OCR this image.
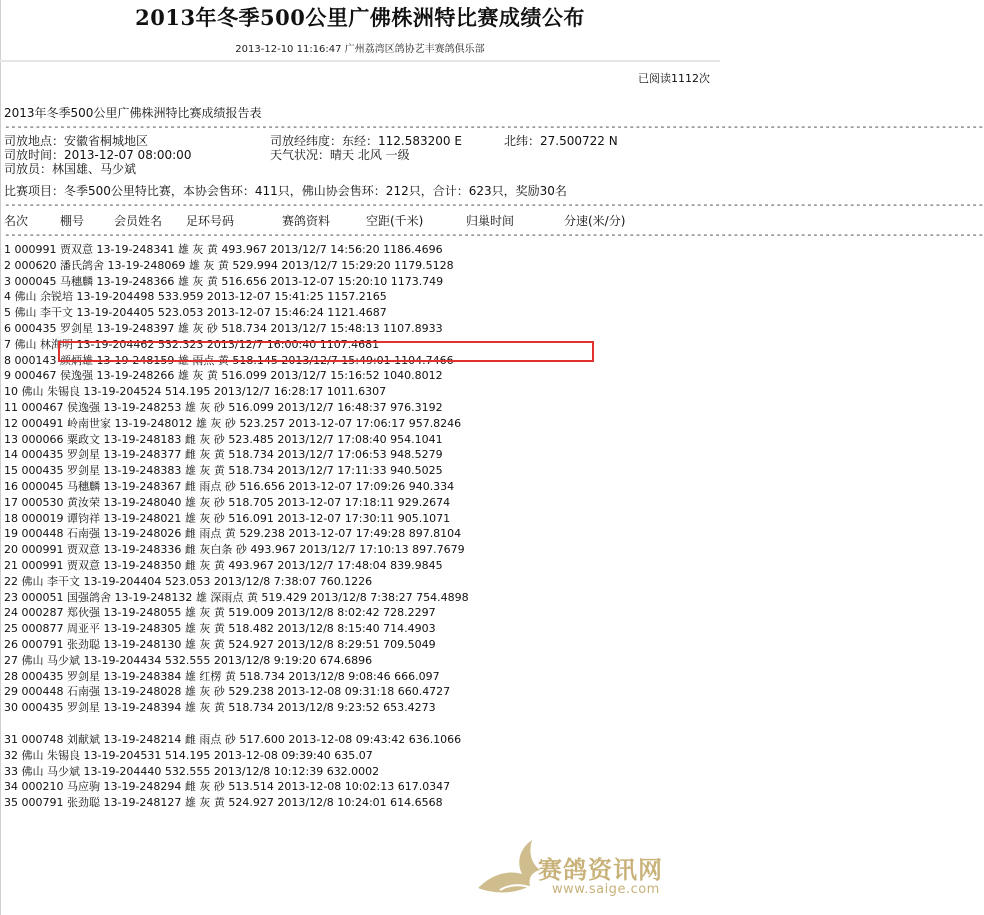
2013年冬季500公里广佛株洲特比赛成绩公布
2013-12-10 11:16:47 广州荔湾区鸽协艺丰赛鸽俱乐部
已阅读1112次
2013年冬季500公里广佛株洲特比赛成绩报告表
----------------------------------------------------------------------------------------------------------------------------------------------------------------
司放地点：安徽省桐城地区	司放经纬度：东经：112.583200 E	北纬：27.500722 N
司放时间：2013-12-07 08:00:00	天气状况：晴天 北风 一级
司放员：林国雄、马少斌
比赛项目：冬季500公里特比赛，本协会售环：411只，佛山协会售环：212只，合计：623只，奖励30名
----------------------------------------------------------------------------------------------------------------------------------------------------------------
名次	棚号 会员姓名 足环号码	赛鸽资料	空距(千米)	归巢时间	分速(米/分)
----------------------------------------------------------------------------------------------------------------------------------------------------------------
1 000991 贾双意 13-19-248341 雄 灰 黄 493.967 2013/12/7 14:56:20 1186.4696
2 000620 潘氏鸽舍 13-19-248069 雄 灰 黄 529.994 2013/12/7 15:29:20 1179.5128
3 000045 马穗麟 13-19-248366 雄 灰 黄 516.656 2013-12-07 15:20:10 1173.749
4 佛山 余锐培 13-19-204498 533.959 2013-12-07 15:41:25 1157.2165
5 佛山 李干文 13-19-204405 523.053 2013-12-07 15:46:24 1121.4687
6 000435 罗剑星 13-19-248397 雄 灰 砂 518.734 2013/12/7 15:48:13 1107.8933
7 佛山 林海明 13-19-204462 532.323 2013/12/7 16:00:40 1107.4681
8 000143 颜炳雄 13-19-248159 雄 雨点 黄 518.145 2013/12/7 15:49:01 1104.7466
9 000467 侯逸强 13-19-248266 雄 灰 黄 516.099 2013/12/7 15:16:52 1040.8012
10 佛山 朱锡良 13-19-204524 514.195 2013/12/7 16:28:17 1011.6307
11 000467 侯逸强 13-19-248253 雄 灰 砂 516.099 2013/12/7 16:48:37 976.3192
12 000491 岭南世家 13-19-248012 雄 灰 砂 523.257 2013-12-07 17:06:17 957.8246
13 000066 粟政文 13-19-248183 雌 灰 砂 523.485 2013/12/7 17:08:40 954.1041
14 000435 罗剑星 13-19-248377 雌 灰 黄 518.734 2013/12/7 17:06:53 948.5279
15 000435 罗剑星 13-19-248383 雄 灰 黄 518.734 2013/12/7 17:11:33 940.5025
16 000045 马穗麟 13-19-248367 雌 雨点 砂 516.656 2013-12-07 17:09:26 940.334
17 000530 黄汝荣 13-19-248040 雄 灰 砂 518.705 2013-12-07 17:18:11 929.2674
18 000019 谭钧祥 13-19-248021 雄 灰 砂 516.091 2013-12-07 17:30:11 905.1071
19 000448 石南强 13-19-248026 雌 雨点 黄 529.238 2013-12-07 17:49:28 897.8104
20 000991 贾双意 13-19-248336 雌 灰白条 砂 493.967 2013/12/7 17:10:13 897.7679
21 000991 贾双意 13-19-248350 雌 灰 黄 493.967 2013/12/7 17:48:04 839.9845
22 佛山 李干文 13-19-204404 523.053 2013/12/8 7:38:07 760.1226
23 000051 国强鸽舍 13-19-248132 雄 深雨点 黄 519.429 2013/12/8 7:38:27 754.4898
24 000287 郑伙强 13-19-248055 雄 灰 黄 519.009 2013/12/8 8:02:42 728.2297
25 000877 周亚平 13-19-248305 雄 灰 黄 518.482 2013/12/8 8:15:40 714.4903
26 000791 张劲聪 13-19-248130 雄 灰 黄 524.927 2013/12/8 8:29:51 709.5049
27 佛山 马少斌 13-19-204434 532.555 2013/12/8 9:19:20 674.6896
28 000435 罗剑星 13-19-248384 雄 红楞 黄 518.734 2013/12/8 9:08:46 666.097
29 000448 石南强 13-19-248028 雄 灰 砂 529.238 2013-12-08 09:31:18 660.4727
30 000435 罗剑星 13-19-248394 雄 灰 黄 518.734 2013/12/8 9:23:52 653.4273
31 000748 刘献斌 13-19-248214 雌 雨点 砂 517.600 2013-12-08 09:43:42 636.1066
32 佛山 朱锡良 13-19-204531 514.195 2013-12-08 09:39:40 635.07
33 佛山 马少斌 13-19-204440 532.555 2013/12/8 10:12:39 632.0002
34 000210 马应驹 13-19-248294 雌 灰 砂 513.514 2013-12-08 10:02:13 617.0347
35 000791 张劲聪 13-19-248127 雄 灰 黄 524.927 2013/12/8 10:24:01 614.6568
赛鸽资讯网
www.saige.com
